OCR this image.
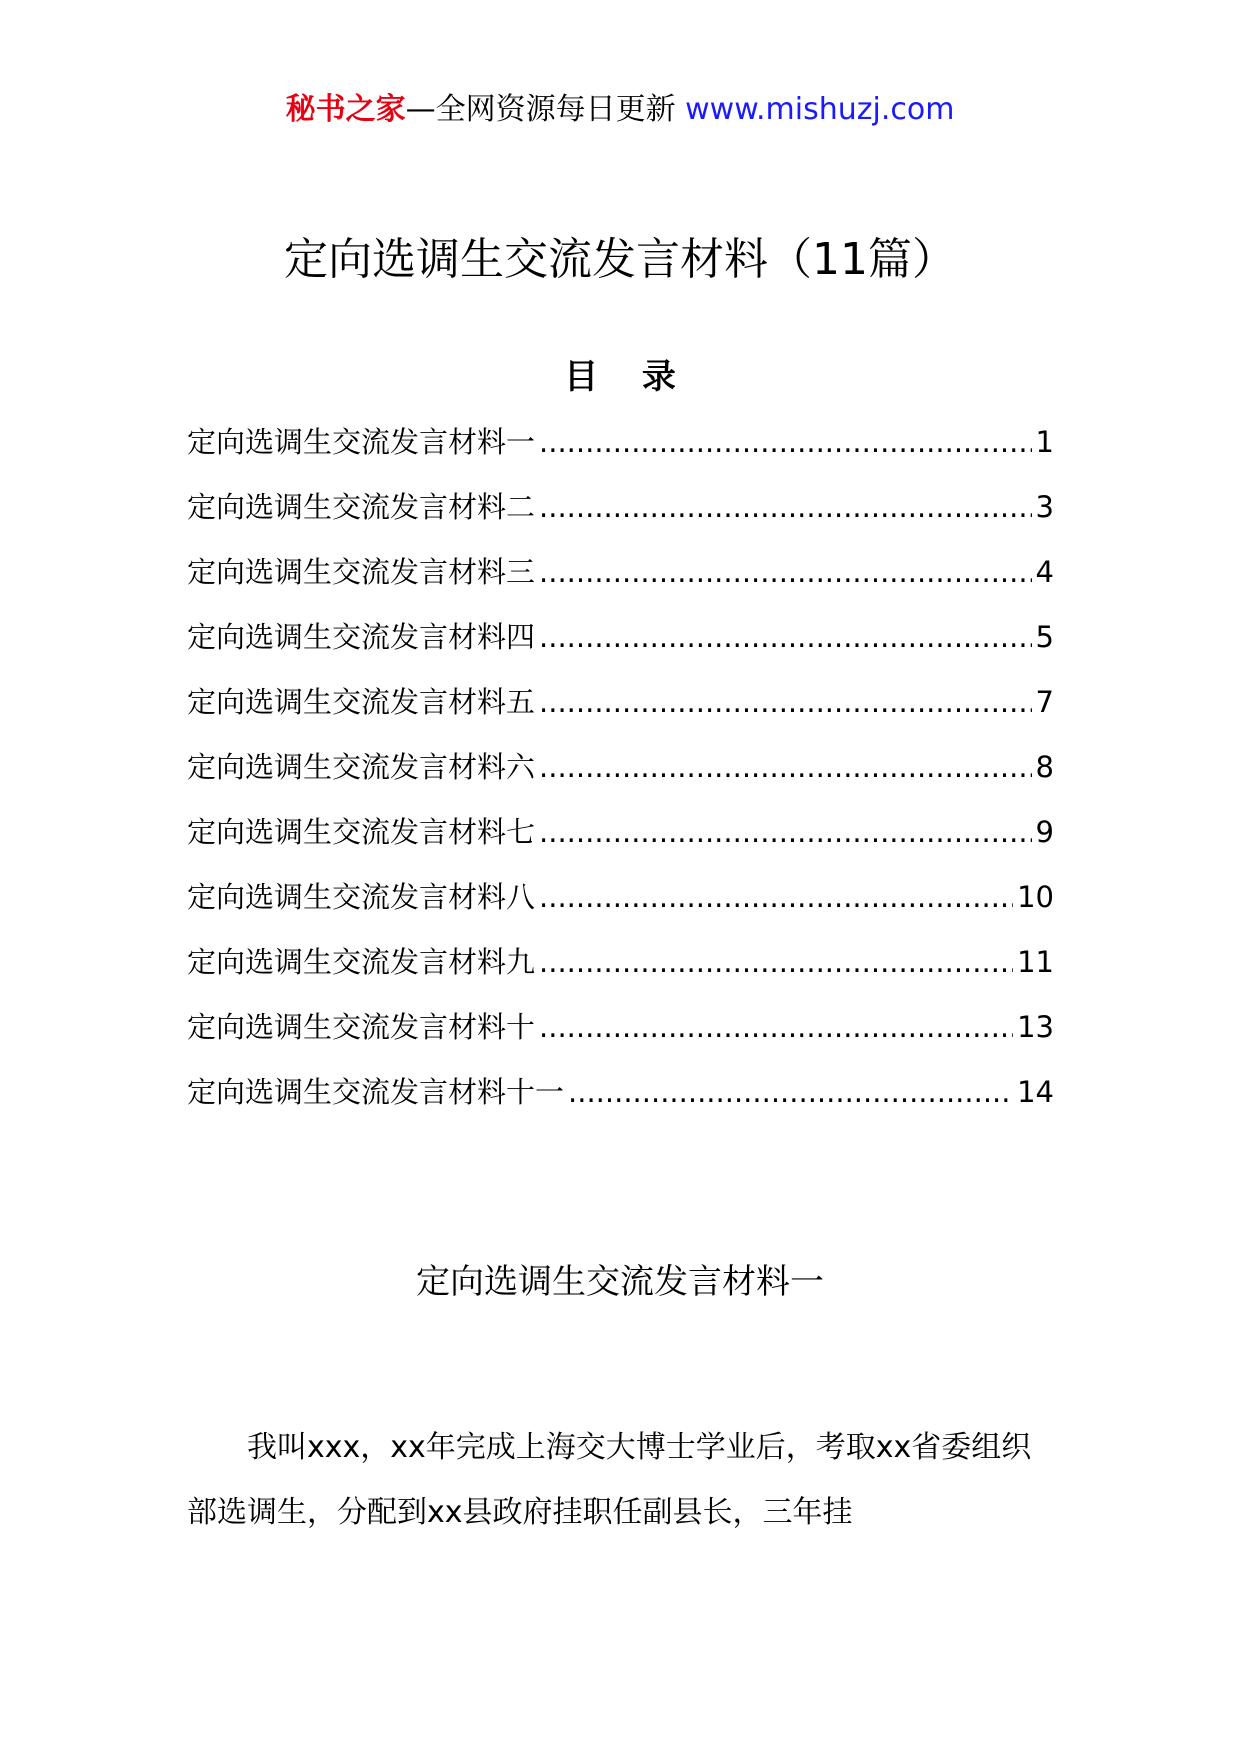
秘书之家—全网资源每日更新 www.mishuzj.com
定向选调生交流发言材料（11篇）
目 录
定向选调生交流发言材料一 .....	1
定向选调生交流发言材料二 .....	3
定向选调生交流发言材料三 .....	4
定向选调生交流发言材料四 .....	5
定向选调生交流发言材料五 .....	7
定向选调生交流发言材料六 .....	8
定向选调生交流发言材料七 .....	9
定向选调生交流发言材料八 .....	10
定向选调生交流发言材料九 .....	11
定向选调生交流发言材料十 .....	13
定向选调生交流发言材料十一 .....	14
定向选调生交流发言材料一

我叫xxx，xx年完成上海交大博士学业后，考取xx省委组织部选调生，分配到xx县政府挂职任副县长，三年挂
